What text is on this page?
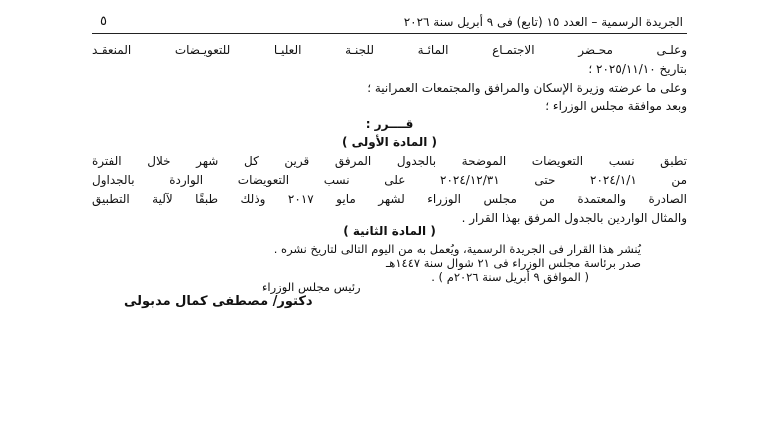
الجريدة الرسمية – العدد ١٥ (تابع) فى ٩ أبريل سنة ٢٠٢٦
٥
وعلـى محـضر الاجتمـاع المائـة للجنـة العليـا للتعويـضات المنعقـد
بتاريخ ٢٠٢٥/١١/١٠ ؛
وعلى ما عرضته وزيرة الإسكان والمرافق والمجتمعات العمرانية ؛
وبعد موافقة مجلس الوزراء ؛
قــــرر :
( المادة الأولى )
تطبق نسب التعويضات الموضحة بالجدول المرفق قرين كل شهر خلال الفترة
من ٢٠٢٤/١/١ حتى ٢٠٢٤/١٢/٣١ على نسب التعويضات الواردة بالجداول
الصادرة والمعتمدة من مجلس الوزراء لشهر مايو ٢٠١٧ وذلك طبقًا لآلية التطبيق
والمثال الواردين بالجدول المرفق بهذا القرار .
( المادة الثانية )
يُنشر هذا القرار فى الجريدة الرسمية، ويُعمل به من اليوم التالى لتاريخ نشره .
صدر برئاسة مجلس الوزراء فى ٢١ شوال سنة ١٤٤٧هـ
( الموافق ٩ أبريل سنة ٢٠٢٦م ) .
رئيس مجلس الوزراء
دكتور/ مصطفى كمال مدبولى
